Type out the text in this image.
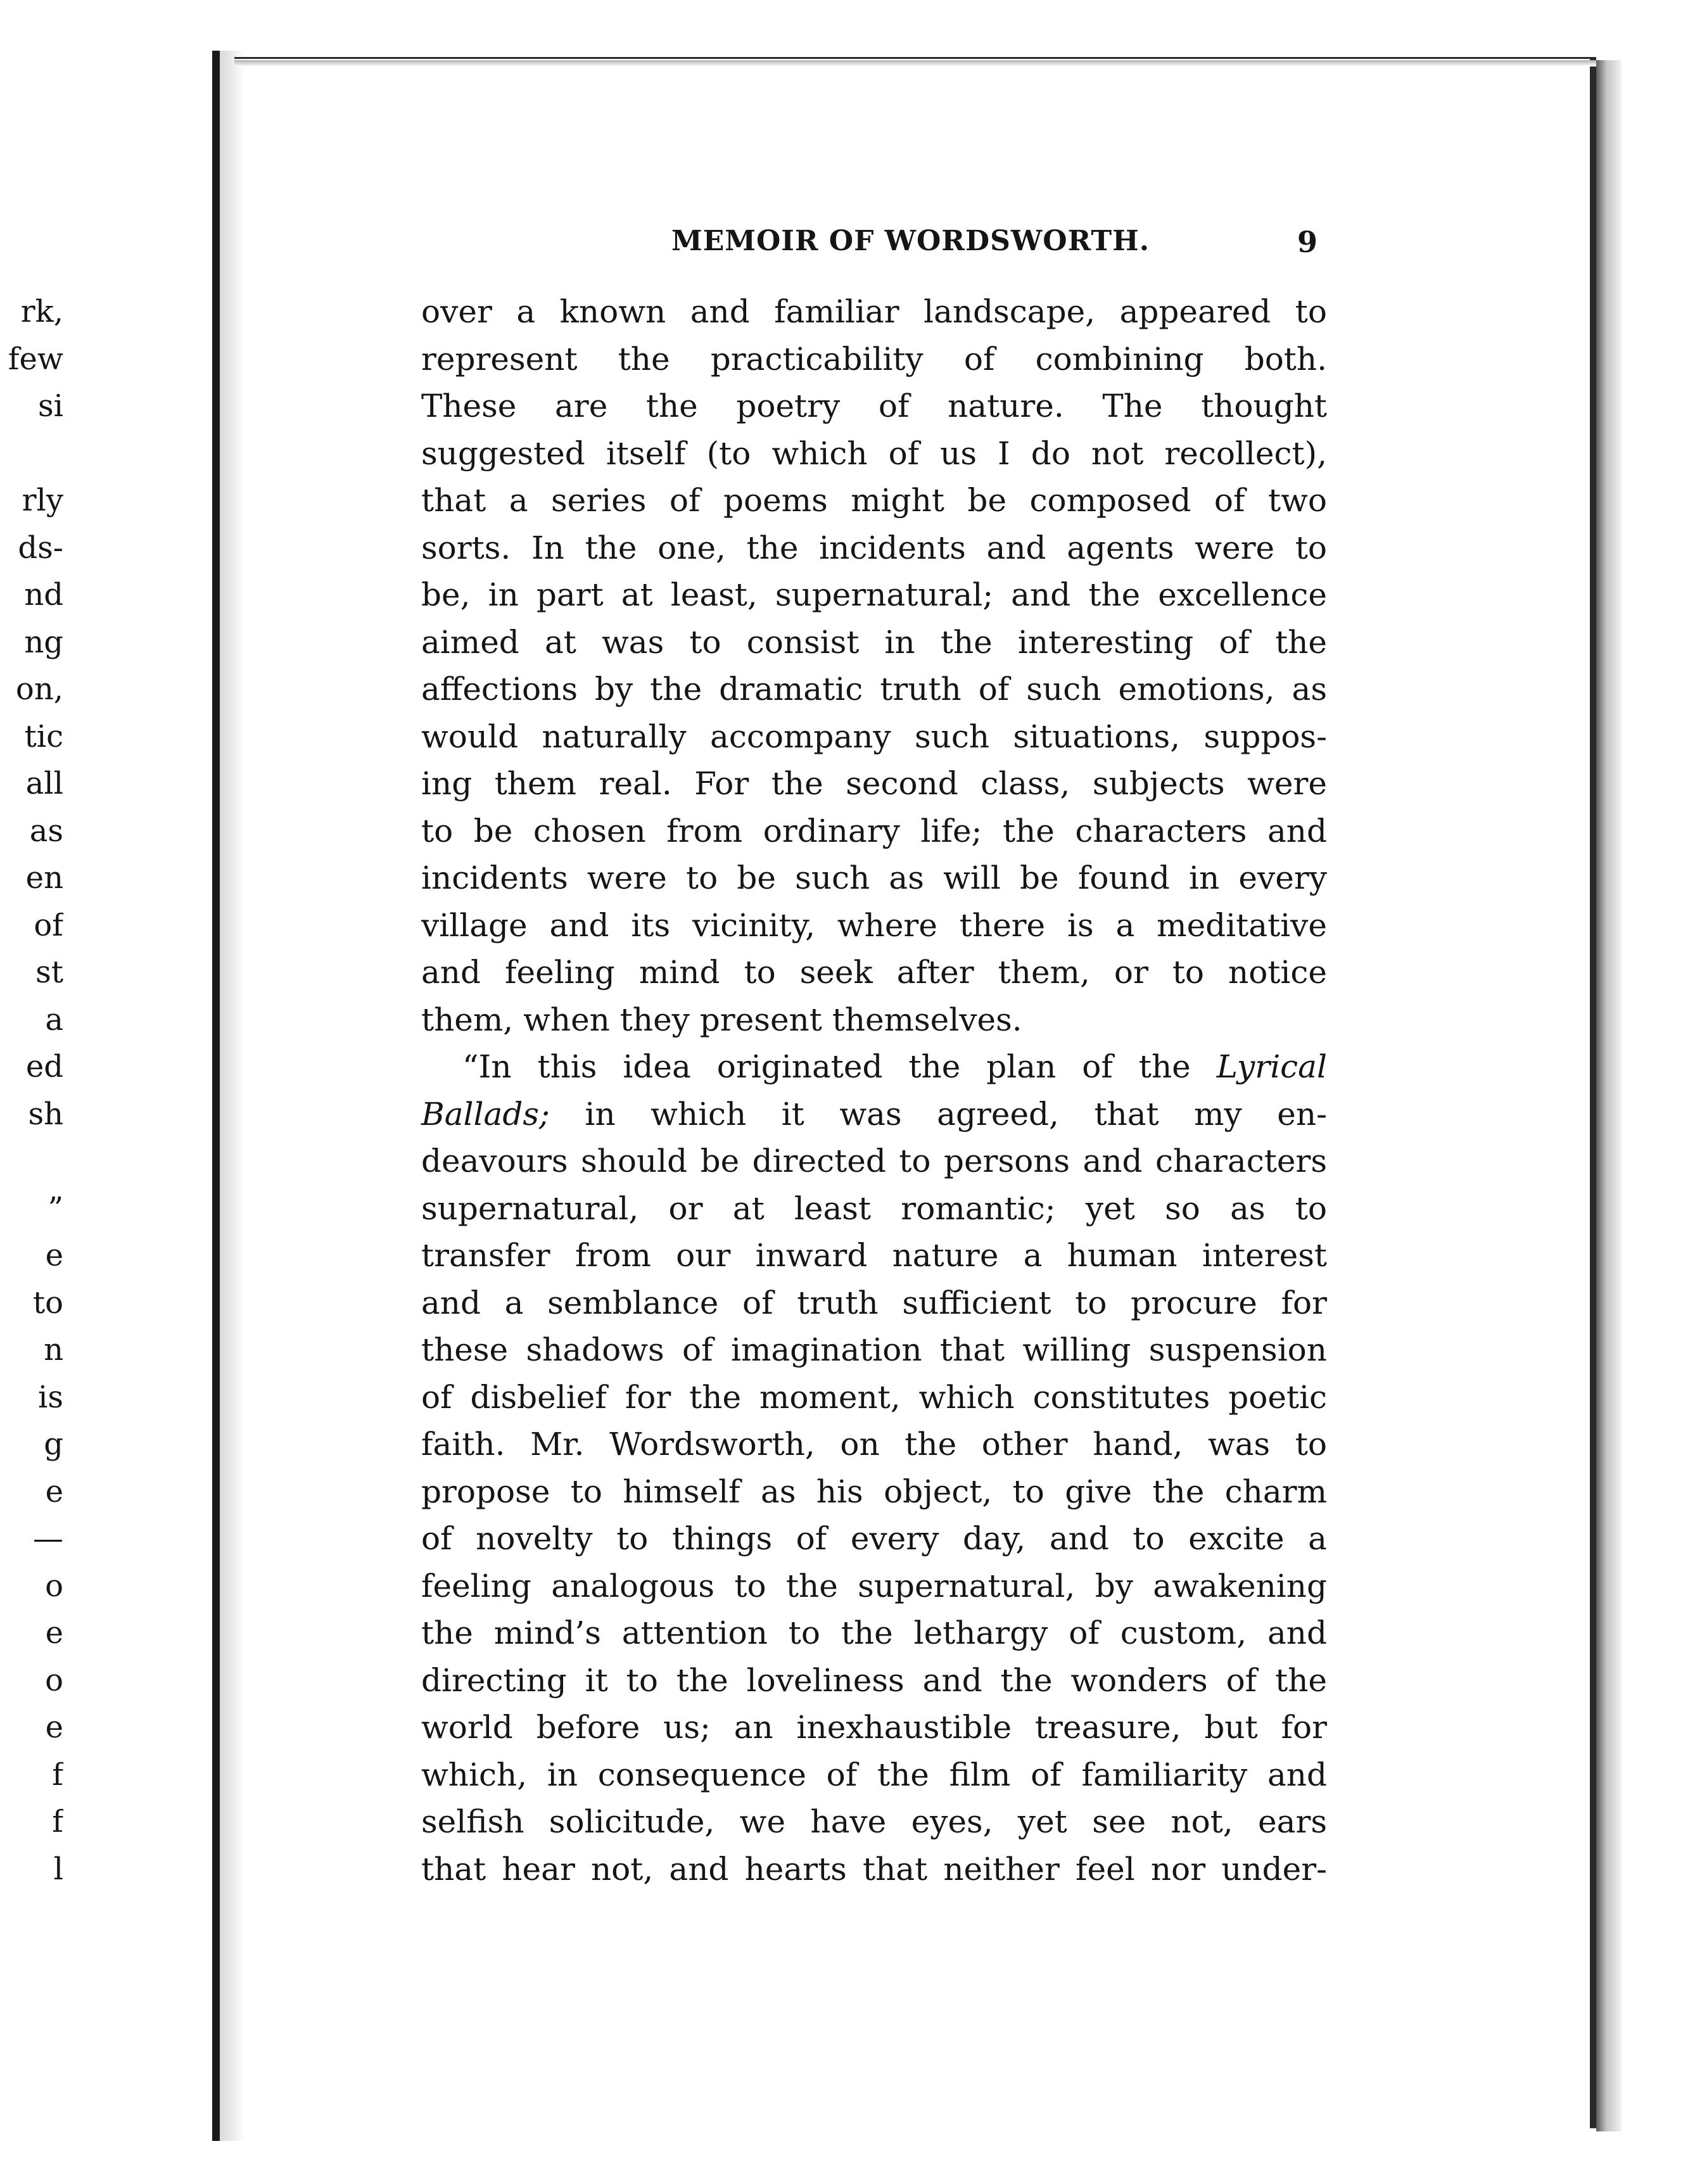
rk,
few
si
rly
ds-
nd
ng
on,
tic
all
as
en
of
st
a
ed
sh
”
e
to
n
is
g
e
—
o
e
o
e
f
f
l
MEMOIR OF WORDSWORTH.	9

over a known and familiar landscape, appeared to
represent the practicability of combining both.
These are the poetry of nature. The thought
suggested itself (to which of us I do not recollect),
that a series of poems might be composed of two
sorts. In the one, the incidents and agents were to
be, in part at least, supernatural; and the excellence
aimed at was to consist in the interesting of the
affections by the dramatic truth of such emotions, as
would naturally accompany such situations, suppos-
ing them real. For the second class, subjects were
to be chosen from ordinary life; the characters and
incidents were to be such as will be found in every
village and its vicinity, where there is a meditative
and feeling mind to seek after them, or to notice
them, when they present themselves.

“In this idea originated the plan of the Lyrical
Ballads; in which it was agreed, that my en-
deavours should be directed to persons and characters
supernatural, or at least romantic; yet so as to
transfer from our inward nature a human interest
and a semblance of truth sufficient to procure for
these shadows of imagination that willing suspension
of disbelief for the moment, which constitutes poetic
faith. Mr. Wordsworth, on the other hand, was to
propose to himself as his object, to give the charm
of novelty to things of every day, and to excite a
feeling analogous to the supernatural, by awakening
the mind’s attention to the lethargy of custom, and
directing it to the loveliness and the wonders of the
world before us; an inexhaustible treasure, but for
which, in consequence of the film of familiarity and
selfish solicitude, we have eyes, yet see not, ears
that hear not, and hearts that neither feel nor under-
